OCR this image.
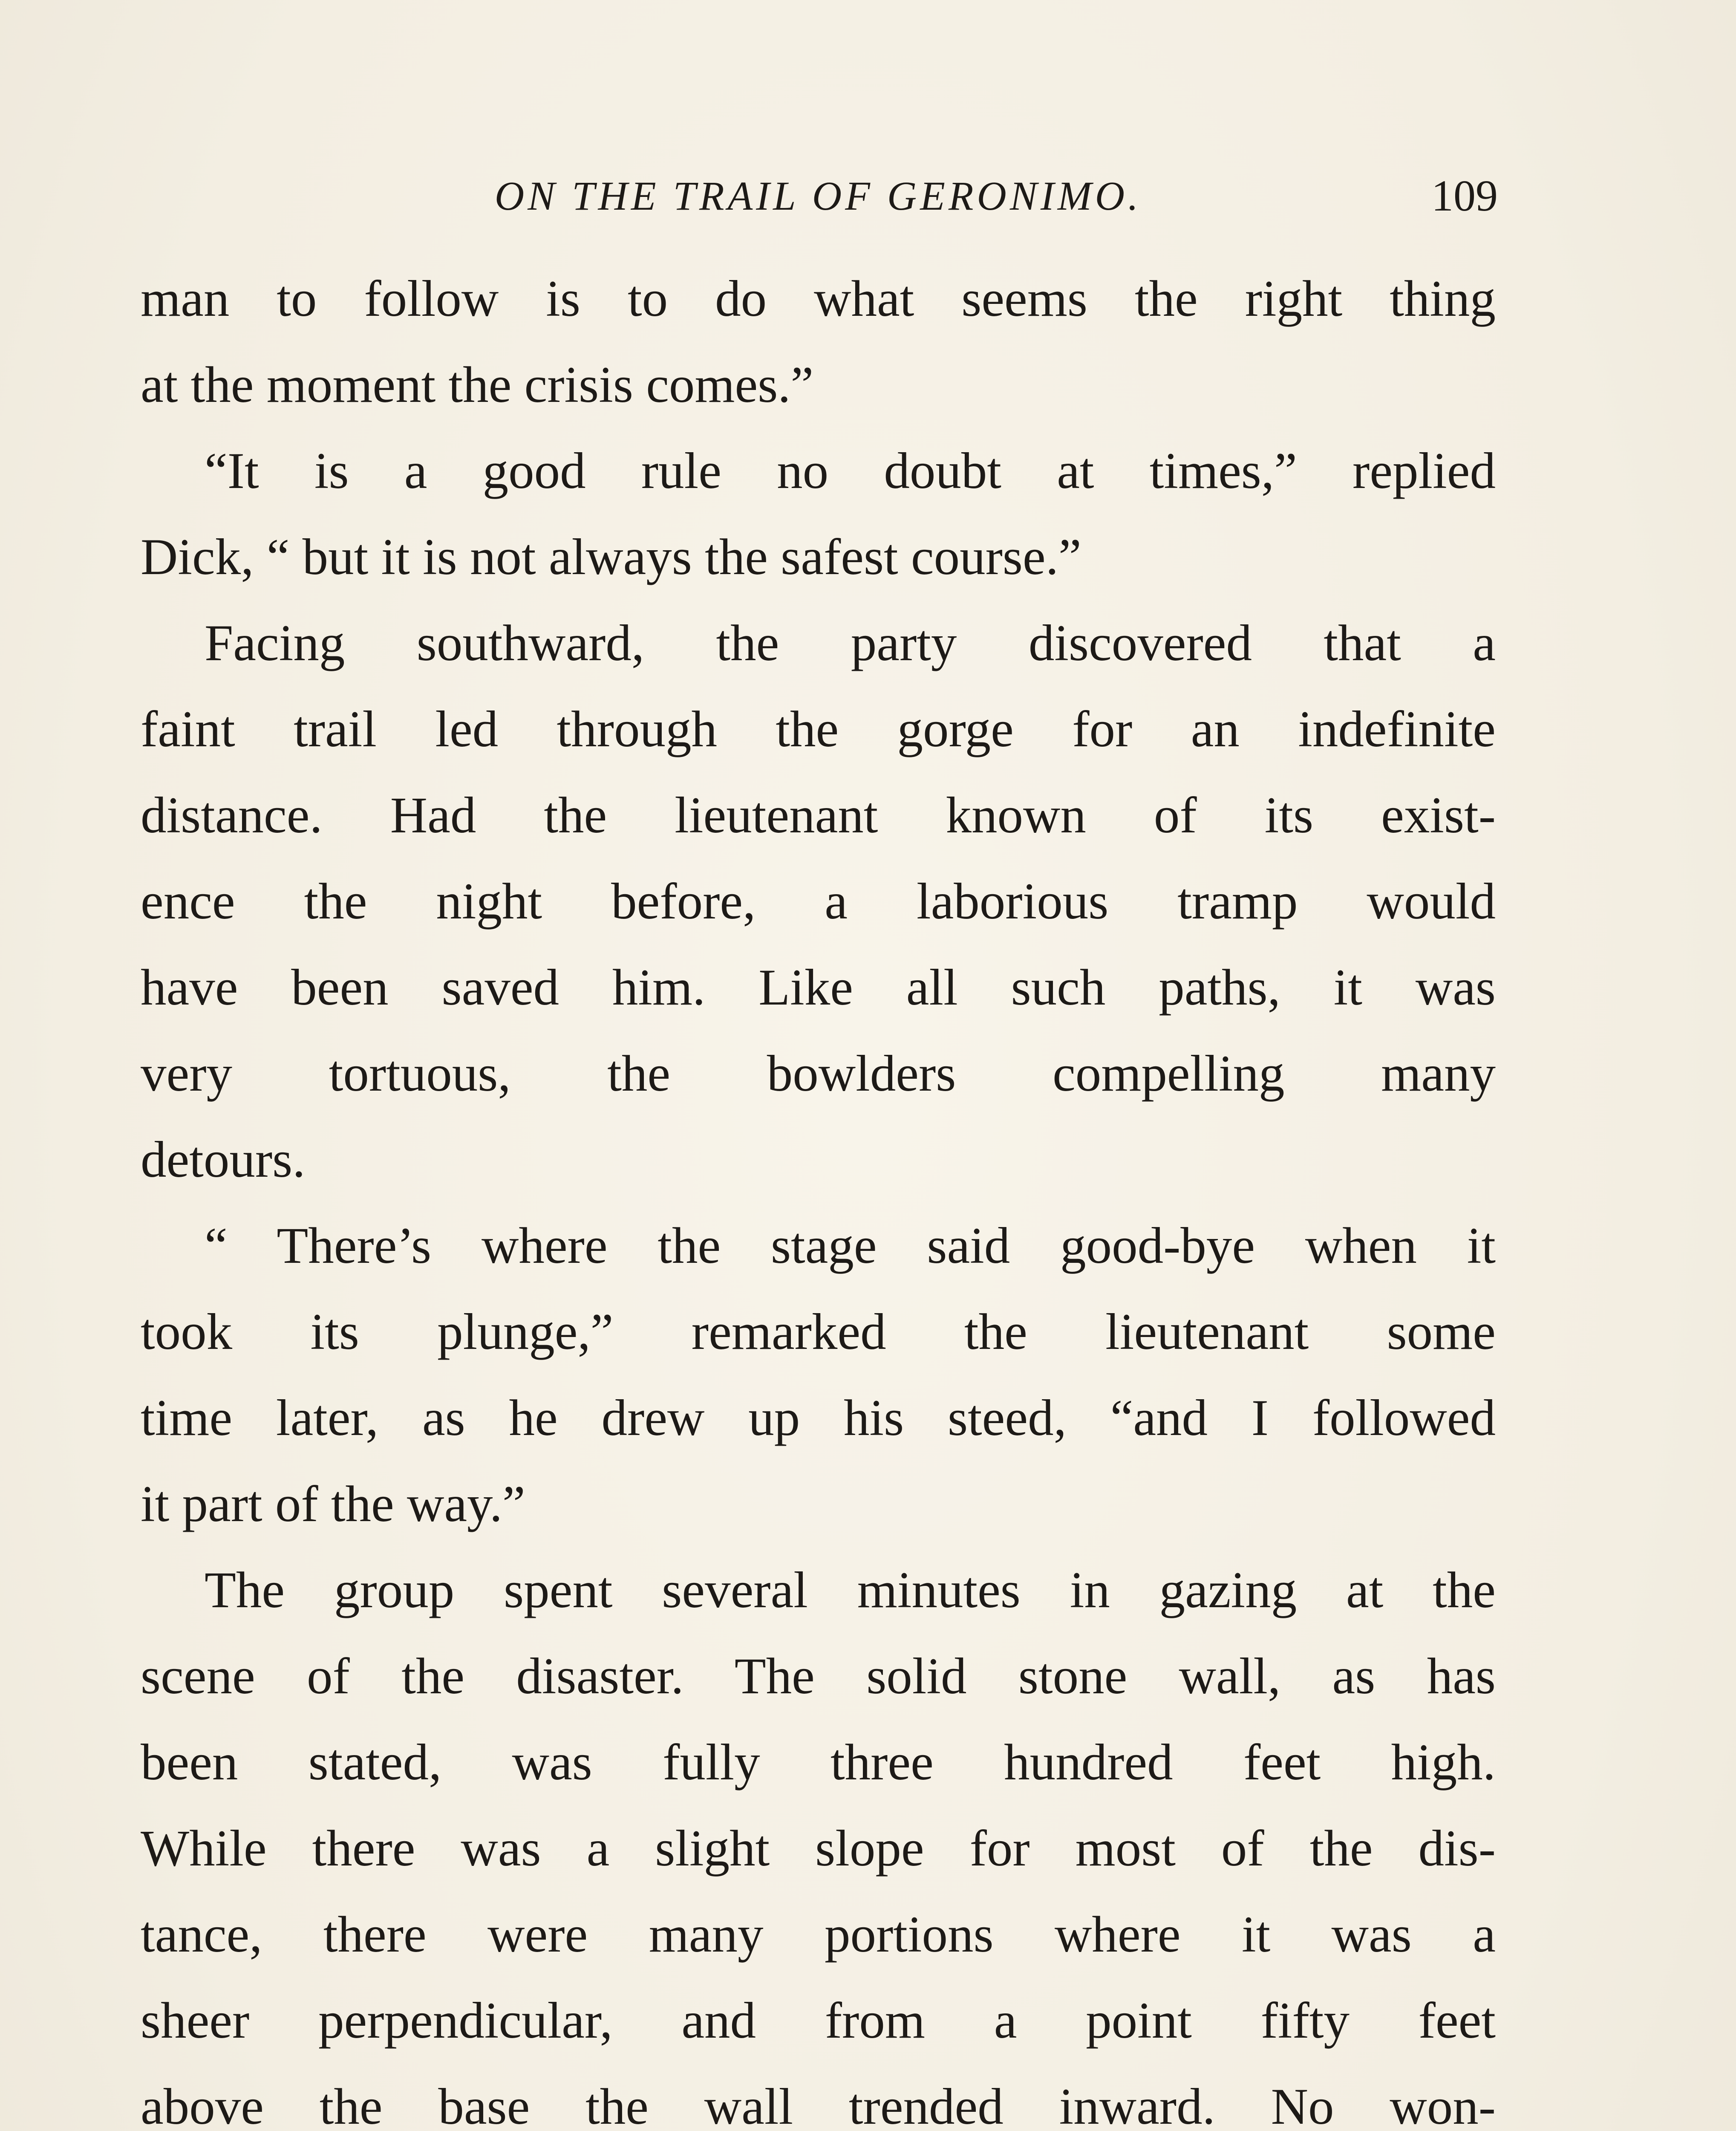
ON THE TRAIL OF GERONIMO.	109
man to follow is to do what seems the right thing
at the moment the crisis comes.”
“It is a good rule no doubt at times,” replied
Dick, “ but it is not always the safest course.”
Facing southward, the party discovered that a
faint trail led through the gorge for an indefinite
distance. Had the lieutenant known of its exist-
ence the night before, a laborious tramp would
have been saved him. Like all such paths, it was
very tortuous, the bowlders compelling many
detours.
“ There’s where the stage said good-bye when it
took its plunge,” remarked the lieutenant some
time later, as he drew up his steed, “and I followed
it part of the way.”
The group spent several minutes in gazing at the
scene of the disaster. The solid stone wall, as has
been stated, was fully three hundred feet high.
While there was a slight slope for most of the dis-
tance, there were many portions where it was a
sheer perpendicular, and from a point fifty feet
above the base the wall trended inward. No won-
